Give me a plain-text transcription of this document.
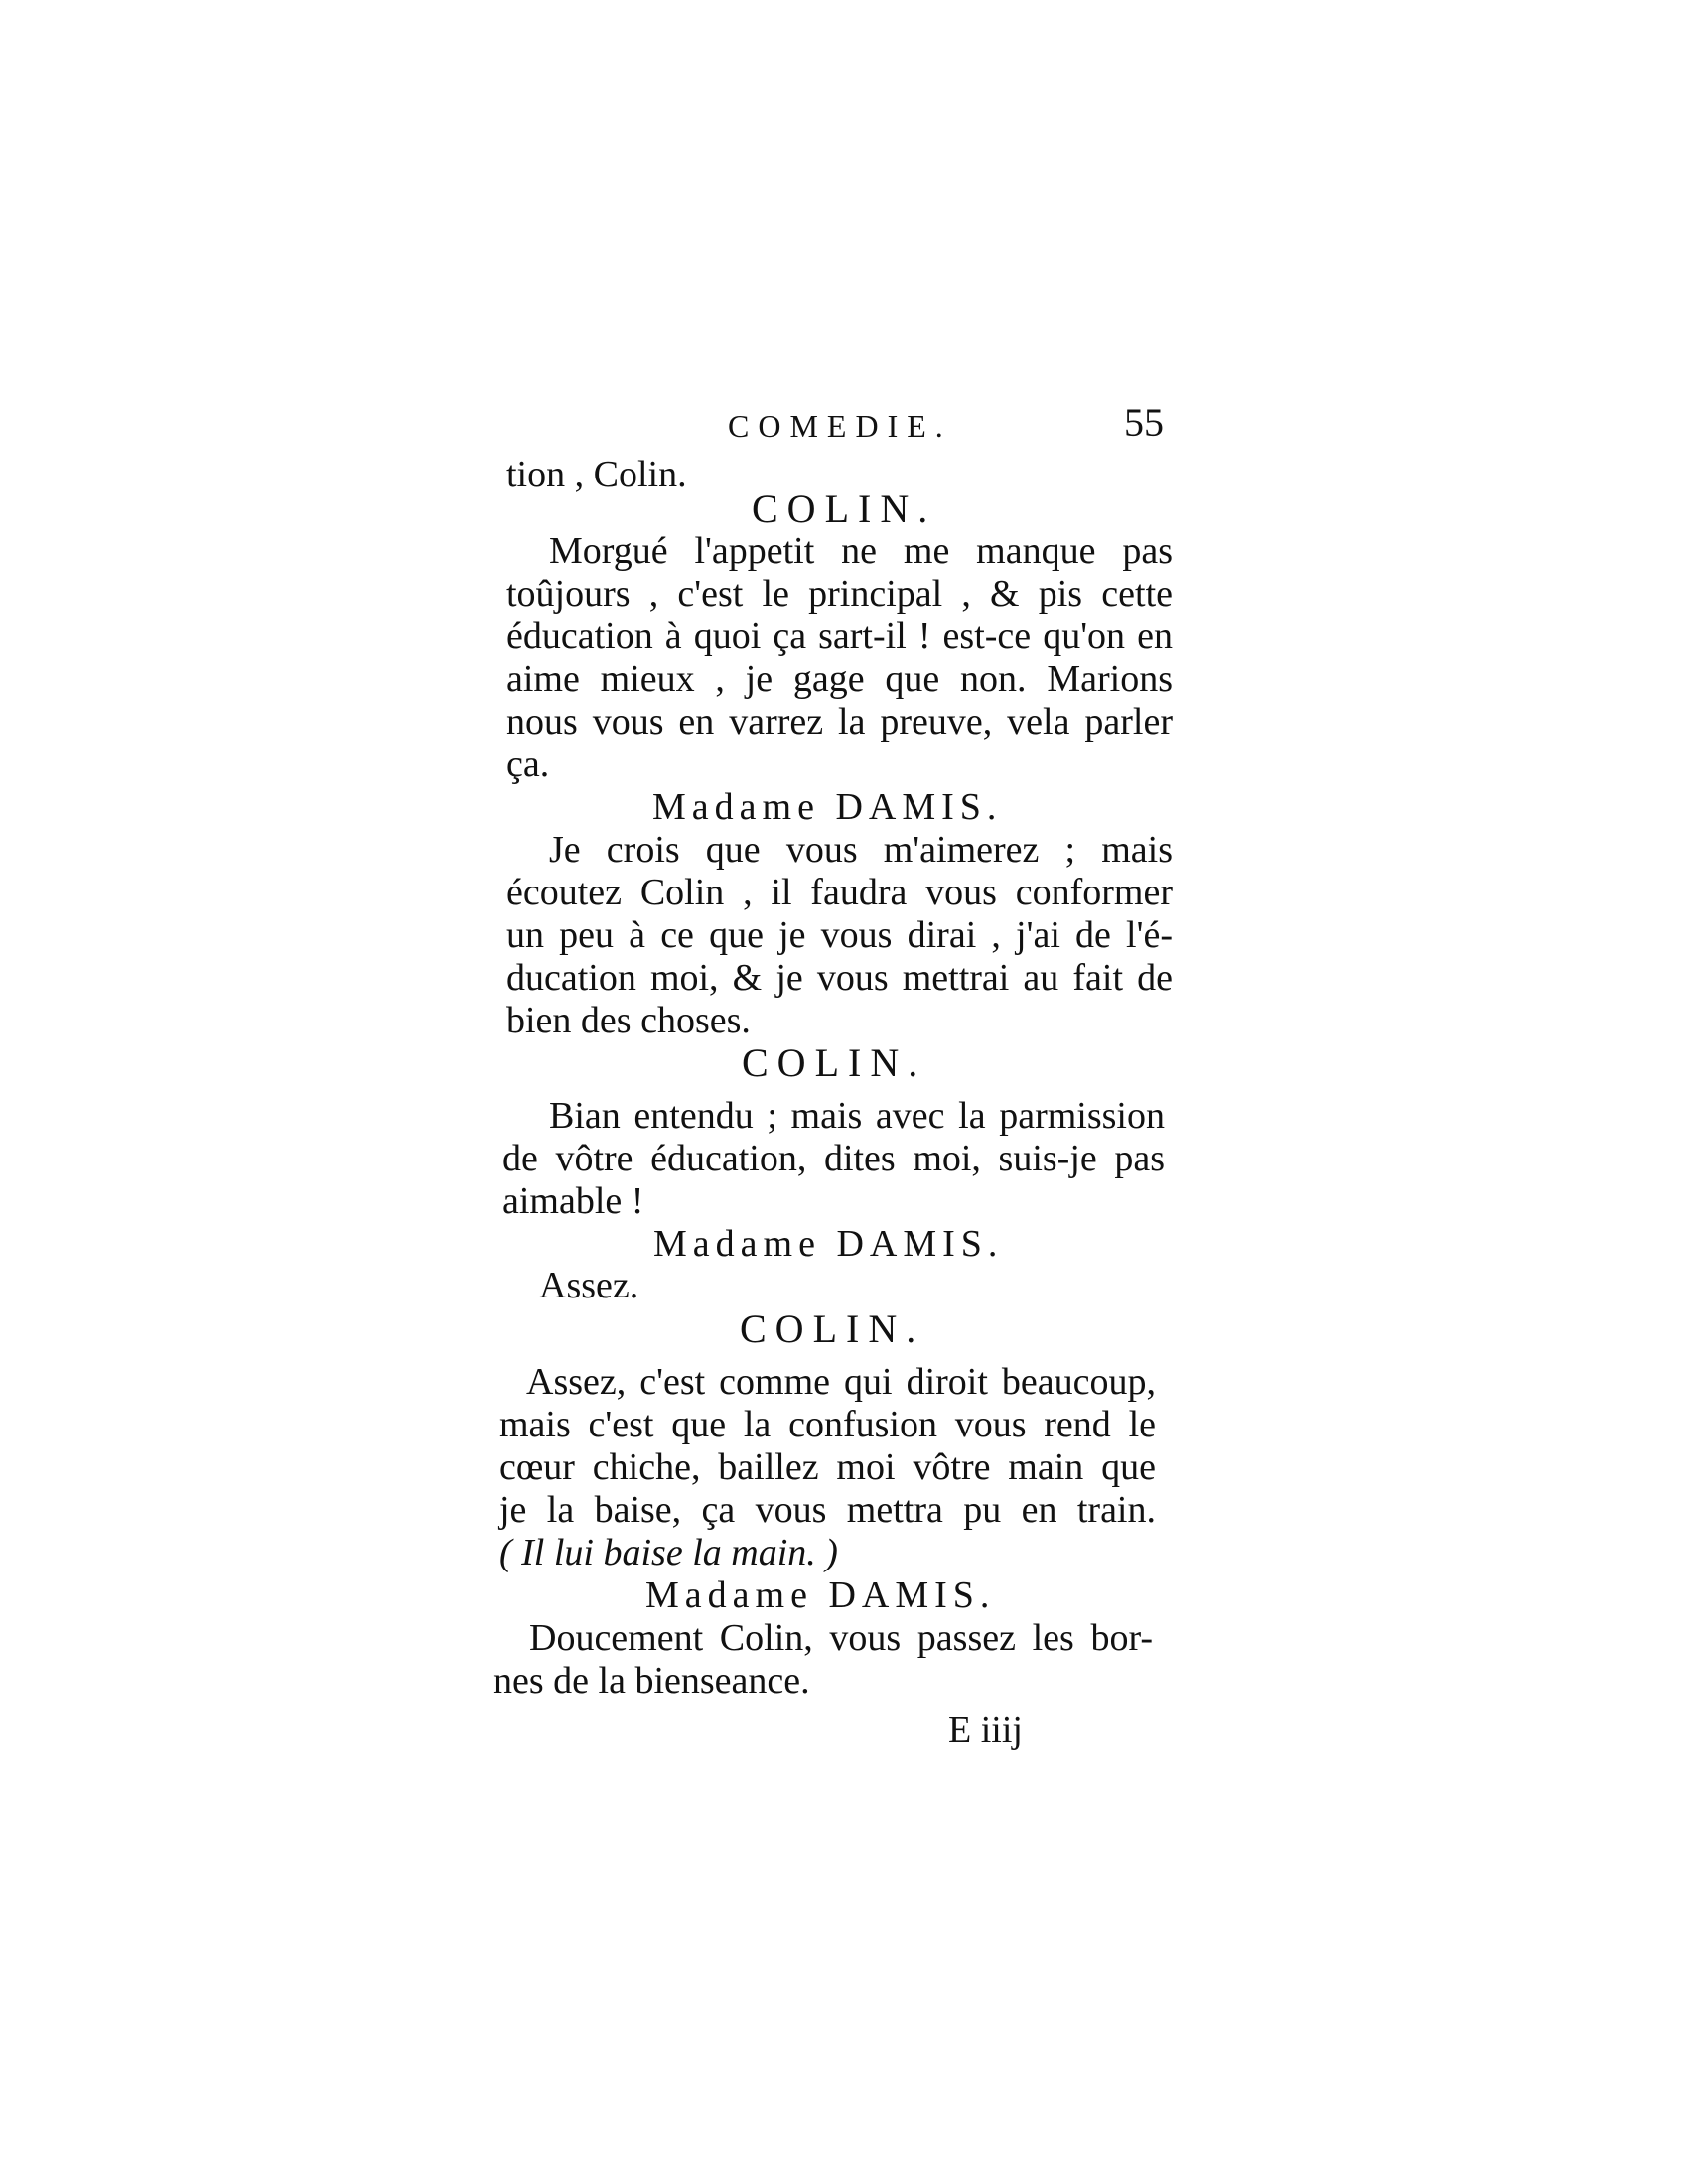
COMEDIE.	55
tion , Colin.
COLIN.
Morgué l'appetit ne me manque pas
toûjours , c'est le principal , & pis cette
éducation à quoi ça sart-il ! est-ce qu'on en
aime mieux , je gage que non. Marions
nous vous en varrez la preuve, vela parler
ça.
Madame DAMIS.
Je crois que vous m'aimerez ; mais
écoutez Colin , il faudra vous conformer
un peu à ce que je vous dirai , j'ai de l'é-
ducation moi, & je vous mettrai au fait de
bien des choses.
COLIN.
Bian entendu ; mais avec la parmission
de vôtre éducation, dites moi, suis-je pas
aimable !
Madame DAMIS.
Assez.
COLIN.
Assez, c'est comme qui diroit beaucoup,
mais c'est que la confusion vous rend le
cœur chiche, baillez moi vôtre main que
je la baise, ça vous mettra pu en train.
( Il lui baise la main. )
Madame DAMIS.
Doucement Colin, vous passez les bor-
nes de la bienseance.
E iiij
